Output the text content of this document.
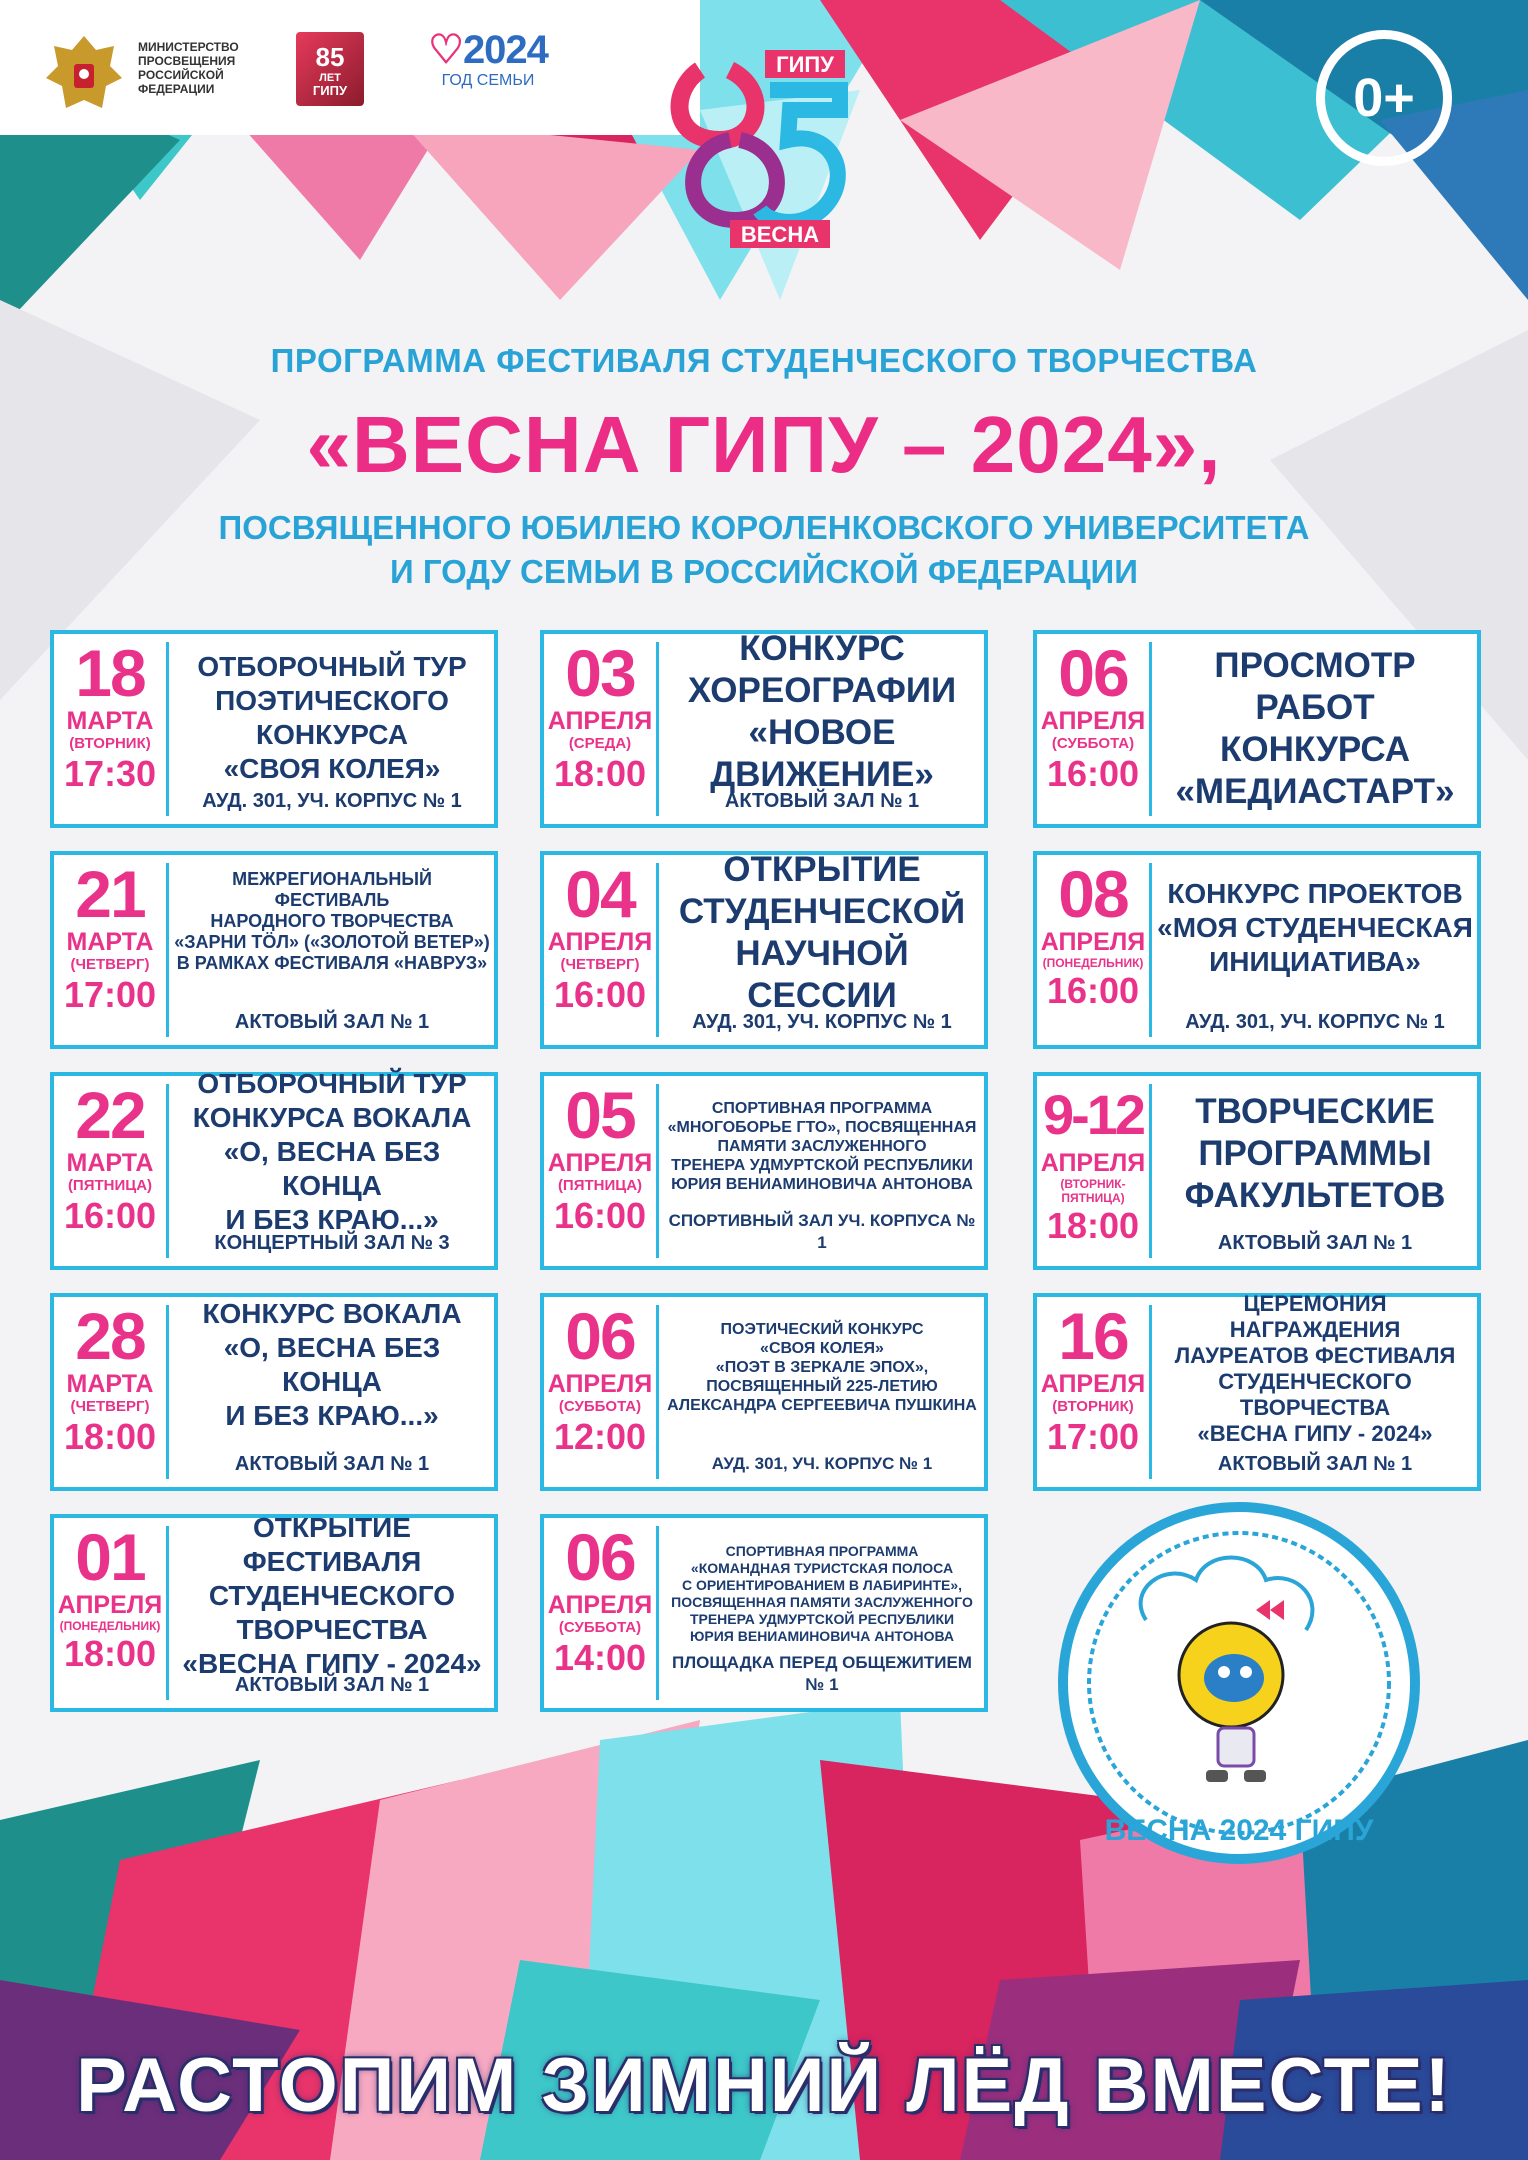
МИНИСТЕРСТВО
ПРОСВЕЩЕНИЯ
РОССИЙСКОЙ
ФЕДЕРАЦИИ
85
ЛЕТ
ГИПУ
♡2024
ГОД СЕМЬИ
ГИПУ
ВЕСНА
0+
ПРОГРАММА ФЕСТИВАЛЯ СТУДЕНЧЕСКОГО ТВОРЧЕСТВА
«ВЕСНА ГИПУ – 2024»,
ПОСВЯЩЕННОГО ЮБИЛЕЮ КОРОЛЕНКОВСКОГО УНИВЕРСИТЕТА
И ГОДУ СЕМЬИ В РОССИЙСКОЙ ФЕДЕРАЦИИ
18
МАРТА
(ВТОРНИК)
17:30
ОТБОРОЧНЫЙ ТУР
ПОЭТИЧЕСКОГО КОНКУРСА
«СВОЯ КОЛЕЯ»
АУД. 301, УЧ. КОРПУС № 1
21
МАРТА
(ЧЕТВЕРГ)
17:00
МЕЖРЕГИОНАЛЬНЫЙ ФЕСТИВАЛЬ
НАРОДНОГО ТВОРЧЕСТВА
«ЗАРНИ ТӦЛ» («ЗОЛОТОЙ ВЕТЕР»)
В РАМКАХ ФЕСТИВАЛЯ «НАВРУЗ»
АКТОВЫЙ ЗАЛ № 1
22
МАРТА
(ПЯТНИЦА)
16:00
ОТБОРОЧНЫЙ ТУР
КОНКУРСА ВОКАЛА
«О, ВЕСНА БЕЗ КОНЦА
И БЕЗ КРАЮ...»
КОНЦЕРТНЫЙ ЗАЛ № 3
28
МАРТА
(ЧЕТВЕРГ)
18:00
КОНКУРС ВОКАЛА
«О, ВЕСНА БЕЗ КОНЦА
И БЕЗ КРАЮ...»
АКТОВЫЙ ЗАЛ № 1
01
АПРЕЛЯ
(ПОНЕДЕЛЬНИК)
18:00
ОТКРЫТИЕ ФЕСТИВАЛЯ
СТУДЕНЧЕСКОГО
ТВОРЧЕСТВА
«ВЕСНА ГИПУ - 2024»
АКТОВЫЙ ЗАЛ № 1
03
АПРЕЛЯ
(СРЕДА)
18:00
КОНКУРС
ХОРЕОГРАФИИ
«НОВОЕ ДВИЖЕНИЕ»
АКТОВЫЙ ЗАЛ № 1
04
АПРЕЛЯ
(ЧЕТВЕРГ)
16:00
ОТКРЫТИЕ
СТУДЕНЧЕСКОЙ
НАУЧНОЙ СЕССИИ
АУД. 301, УЧ. КОРПУС № 1
05
АПРЕЛЯ
(ПЯТНИЦА)
16:00
СПОРТИВНАЯ ПРОГРАММА
«МНОГОБОРЬЕ ГТО», ПОСВЯЩЕННАЯ
ПАМЯТИ ЗАСЛУЖЕННОГО
ТРЕНЕРА УДМУРТСКОЙ РЕСПУБЛИКИ
ЮРИЯ ВЕНИАМИНОВИЧА АНТОНОВА
СПОРТИВНЫЙ ЗАЛ УЧ. КОРПУСА № 1
06
АПРЕЛЯ
(СУББОТА)
12:00
ПОЭТИЧЕСКИЙ КОНКУРС
«СВОЯ КОЛЕЯ»
«ПОЭТ В ЗЕРКАЛЕ ЭПОХ»,
ПОСВЯЩЕННЫЙ 225-ЛЕТИЮ
АЛЕКСАНДРА СЕРГЕЕВИЧА ПУШКИНА
АУД. 301, УЧ. КОРПУС № 1
06
АПРЕЛЯ
(СУББОТА)
14:00
СПОРТИВНАЯ ПРОГРАММА
«КОМАНДНАЯ ТУРИСТСКАЯ ПОЛОСА
С ОРИЕНТИРОВАНИЕМ В ЛАБИРИНТЕ»,
ПОСВЯЩЕННАЯ ПАМЯТИ ЗАСЛУЖЕННОГО
ТРЕНЕРА УДМУРТСКОЙ РЕСПУБЛИКИ
ЮРИЯ ВЕНИАМИНОВИЧА АНТОНОВА
ПЛОЩАДКА ПЕРЕД ОБЩЕЖИТИЕМ № 1
06
АПРЕЛЯ
(СУББОТА)
16:00
ПРОСМОТР РАБОТ
КОНКУРСА
«МЕДИАСТАРТ»
08
АПРЕЛЯ
(ПОНЕДЕЛЬНИК)
16:00
КОНКУРС ПРОЕКТОВ
«МОЯ СТУДЕНЧЕСКАЯ
ИНИЦИАТИВА»
АУД. 301, УЧ. КОРПУС № 1
9-12
АПРЕЛЯ
(ВТОРНИК-ПЯТНИЦА)
18:00
ТВОРЧЕСКИЕ
ПРОГРАММЫ
ФАКУЛЬТЕТОВ
АКТОВЫЙ ЗАЛ № 1
16
АПРЕЛЯ
(ВТОРНИК)
17:00
ЦЕРЕМОНИЯ НАГРАЖДЕНИЯ
ЛАУРЕАТОВ ФЕСТИВАЛЯ
СТУДЕНЧЕСКОГО ТВОРЧЕСТВА
«ВЕСНА ГИПУ - 2024»
АКТОВЫЙ ЗАЛ № 1
ВЕСНА 2024 ГИПУ
РАСТОПИМ ЗИМНИЙ ЛЁД ВМЕСТЕ!
